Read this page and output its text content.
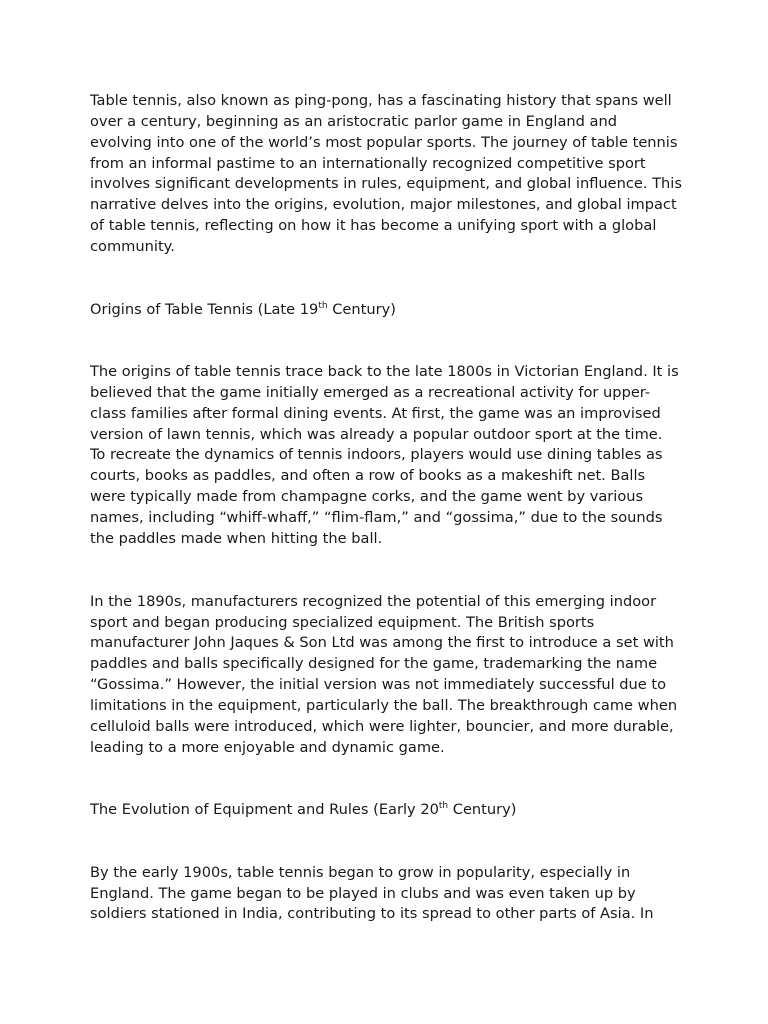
Table tennis, also known as ping-pong, has a fascinating history that spans well over a century, beginning as an aristocratic parlor game in England and evolving into one of the world’s most popular sports. The journey of table tennis from an informal pastime to an internationally recognized competitive sport involves significant developments in rules, equipment, and global influence. This narrative delves into the origins, evolution, major milestones, and global impact of table tennis, reflecting on how it has become a unifying sport with a global community.

Origins of Table Tennis (Late 19th Century)

The origins of table tennis trace back to the late 1800s in Victorian England. It is believed that the game initially emerged as a recreational activity for upper-class families after formal dining events. At first, the game was an improvised version of lawn tennis, which was already a popular outdoor sport at the time. To recreate the dynamics of tennis indoors, players would use dining tables as courts, books as paddles, and often a row of books as a makeshift net. Balls were typically made from champagne corks, and the game went by various names, including “whiff-whaff,” “flim-flam,” and “gossima,” due to the sounds the paddles made when hitting the ball.

In the 1890s, manufacturers recognized the potential of this emerging indoor sport and began producing specialized equipment. The British sports manufacturer John Jaques & Son Ltd was among the first to introduce a set with paddles and balls specifically designed for the game, trademarking the name “Gossima.” However, the initial version was not immediately successful due to limitations in the equipment, particularly the ball. The breakthrough came when celluloid balls were introduced, which were lighter, bouncier, and more durable, leading to a more enjoyable and dynamic game.

The Evolution of Equipment and Rules (Early 20th Century)

By the early 1900s, table tennis began to grow in popularity, especially in England. The game began to be played in clubs and was even taken up by soldiers stationed in India, contributing to its spread to other parts of Asia. In
